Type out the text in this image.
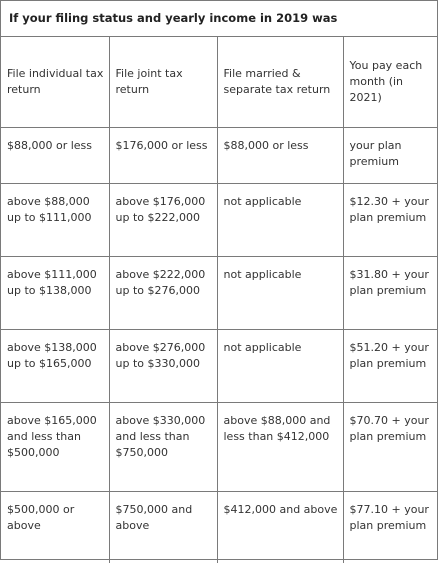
If your filing status and yearly income in 2019 was
File individual tax return	File joint tax return	File married & separate tax return	You pay each month (in 2021)

$88,000 or less	$176,000 or less	$88,000 or less	your plan premium
above $88,000 up to $111,000	above $176,000 up to $222,000	not applicable	$12.30 + your plan premium
above $111,000 up to $138,000	above $222,000 up to $276,000	not applicable	$31.80 + your plan premium
above $138,000 up to $165,000	above $276,000 up to $330,000	not applicable	$51.20 + your plan premium
above $165,000 and less than $500,000	above $330,000 and less than $750,000	above $88,000 and less than $412,000	$70.70 + your plan premium
$500,000 or above	$750,000 and above	$412,000 and above	$77.10 + your plan premium
